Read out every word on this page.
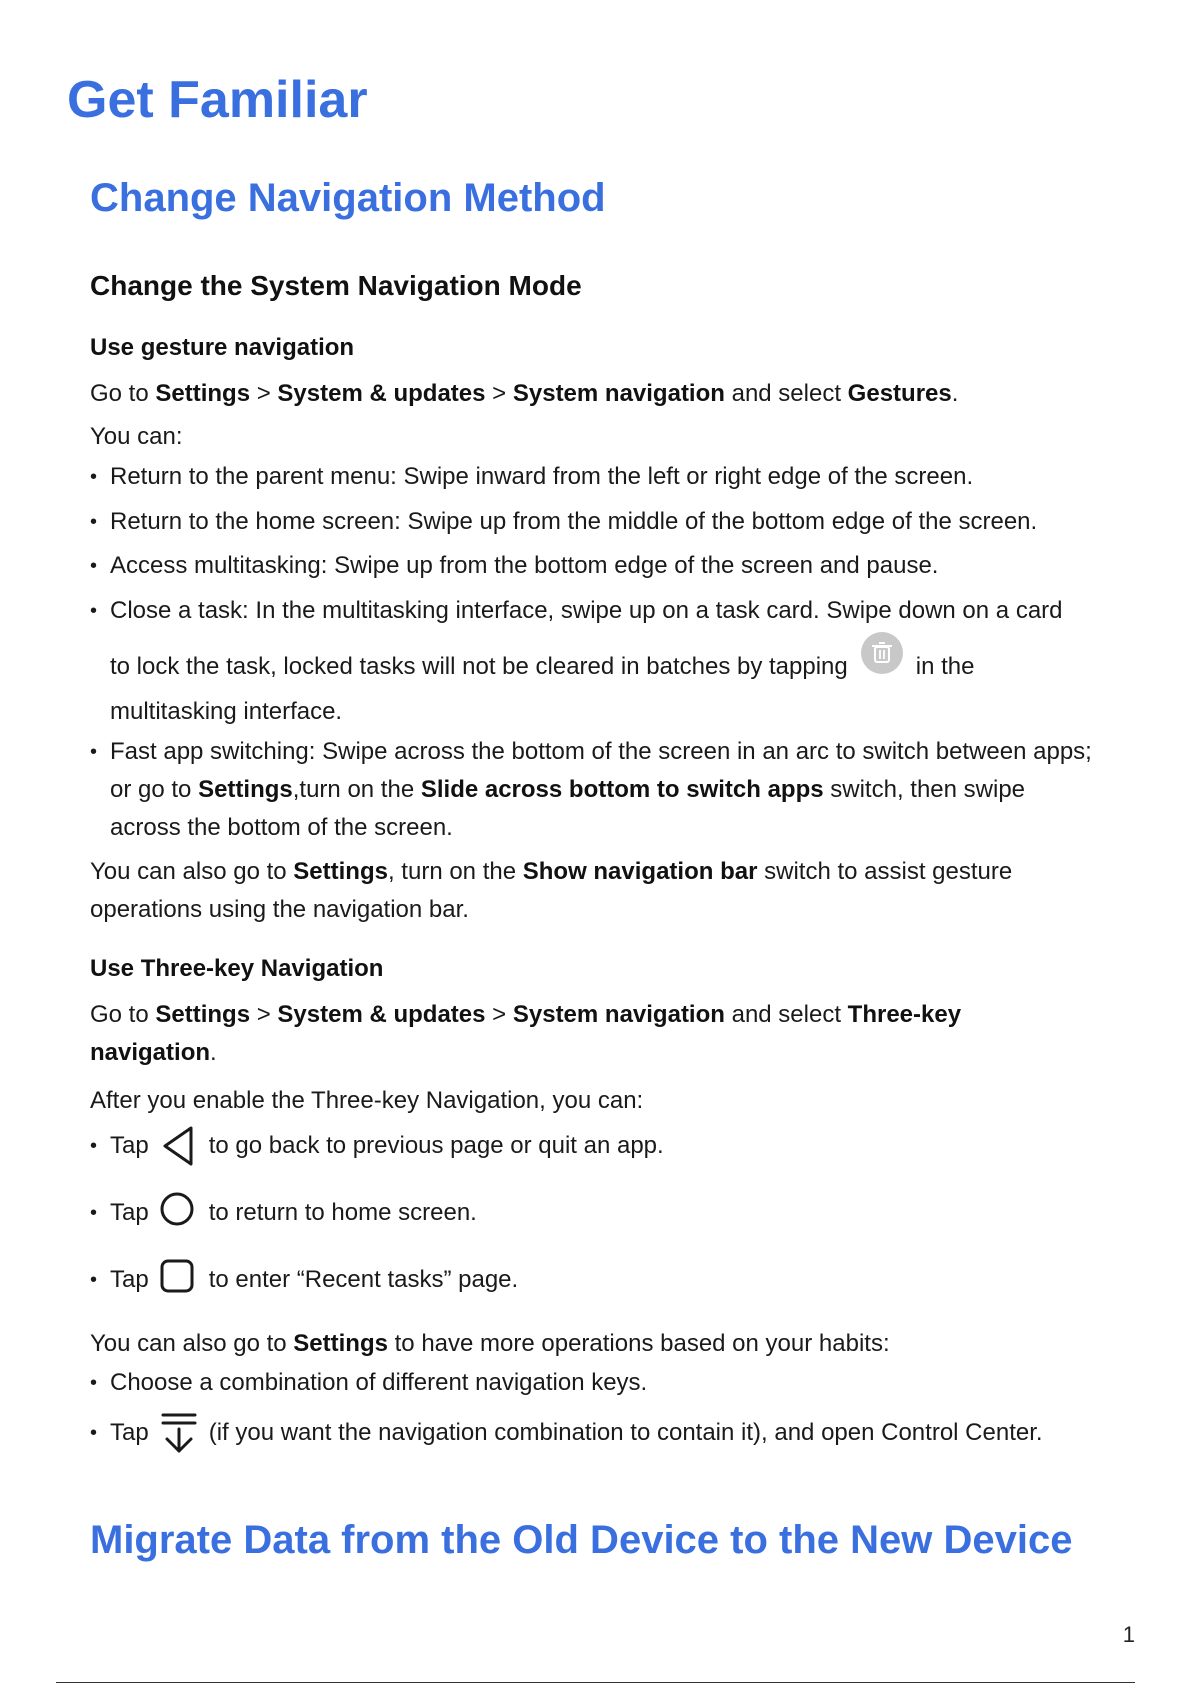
Get Familiar
Change Navigation Method
Change the System Navigation Mode
Use gesture navigation

Go to Settings > System & updates > System navigation and select Gestures.

You can:

• Return to the parent menu: Swipe inward from the left or right edge of the screen.
• Return to the home screen: Swipe up from the middle of the bottom edge of the screen.
• Access multitasking: Swipe up from the bottom edge of the screen and pause.
• Close a task: In the multitasking interface, swipe up on a task card. Swipe down on a card
to lock the task, locked tasks will not be cleared in batches by tapping	in the

multitasking interface.

• Fast app switching: Swipe across the bottom of the screen in an arc to switch between apps; or go to Settings,turn on the Slide across bottom to switch apps switch, then swipe across the bottom of the screen.

You can also go to Settings, turn on the Show navigation bar switch to assist gesture operations using the navigation bar.

Use Three-key Navigation

Go to Settings > System & updates > System navigation and select Three-key navigation.

After you enable the Three-key Navigation, you can:

• Tap	to go back to previous page or quit an app.
• Tap	to return to home screen.
• Tap	to enter “Recent tasks” page.

You can also go to Settings to have more operations based on your habits:

• Choose a combination of different navigation keys.
• Tap	(if you want the navigation combination to contain it), and open Control Center.
Migrate Data from the Old Device to the New Device
1
